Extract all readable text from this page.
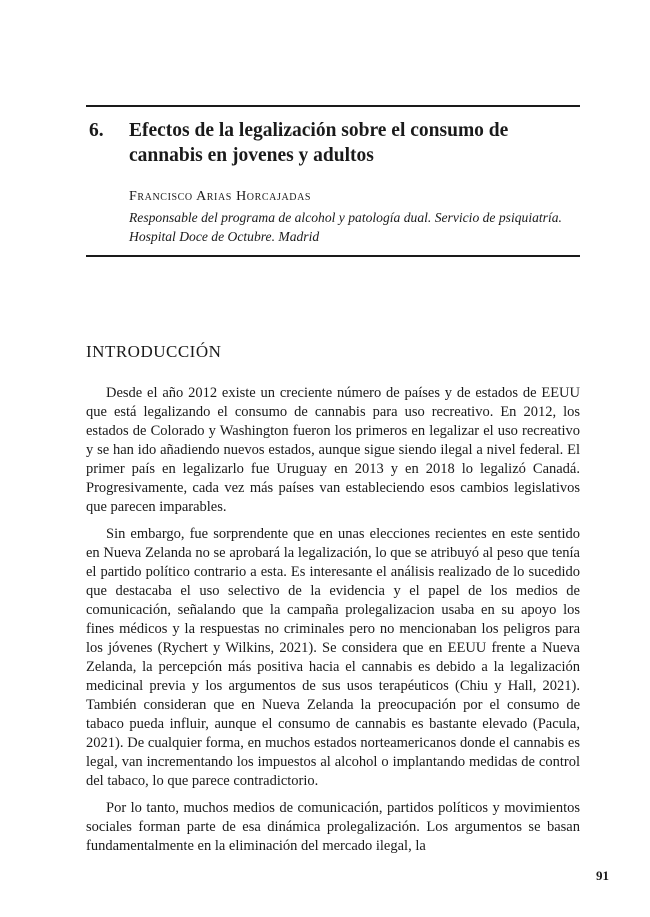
6. Efectos de la legalización sobre el consumo de cannabis en jovenes y adultos
Francisco Arias Horcajadas
Responsable del programa de alcohol y patología dual. Servicio de psiquiatría. Hospital Doce de Octubre. Madrid
INTRODUCCIÓN

Desde el año 2012 existe un creciente número de países y de estados de EEUU que está legalizando el consumo de cannabis para uso recreativo. En 2012, los estados de Colorado y Washington fueron los primeros en legalizar el uso recreativo y se han ido añadiendo nuevos estados, aunque sigue siendo ilegal a nivel federal. El primer país en legalizarlo fue Uruguay en 2013 y en 2018 lo legalizó Canadá. Progresivamente, cada vez más países van estableciendo esos cambios legislativos que parecen imparables.

Sin embargo, fue sorprendente que en unas elecciones recientes en este sentido en Nueva Zelanda no se aprobará la legalización, lo que se atribuyó al peso que tenía el partido político contrario a esta. Es interesante el análisis realizado de lo sucedido que destacaba el uso selectivo de la evidencia y el papel de los medios de comunicación, señalando que la campaña prolegalizacion usaba en su apoyo los fines médicos y la respuestas no criminales pero no mencionaban los peligros para los jóvenes (Rychert y Wilkins, 2021). Se considera que en EEUU frente a Nueva Zelanda, la percepción más positiva hacia el cannabis es debido a la legalización medicinal previa y los argumentos de sus usos terapéuticos (Chiu y Hall, 2021). También consideran que en Nueva Zelanda la preocupación por el consumo de tabaco pueda influir, aunque el consumo de cannabis es bastante elevado (Pacula, 2021). De cualquier forma, en muchos estados norteamericanos donde el cannabis es legal, van incrementando los impuestos al alcohol o implantando medidas de control del tabaco, lo que parece contradictorio.

Por lo tanto, muchos medios de comunicación, partidos políticos y movimientos sociales forman parte de esa dinámica prolegalización. Los argumentos se basan fundamentalmente en la eliminación del mercado ilegal, la

91
